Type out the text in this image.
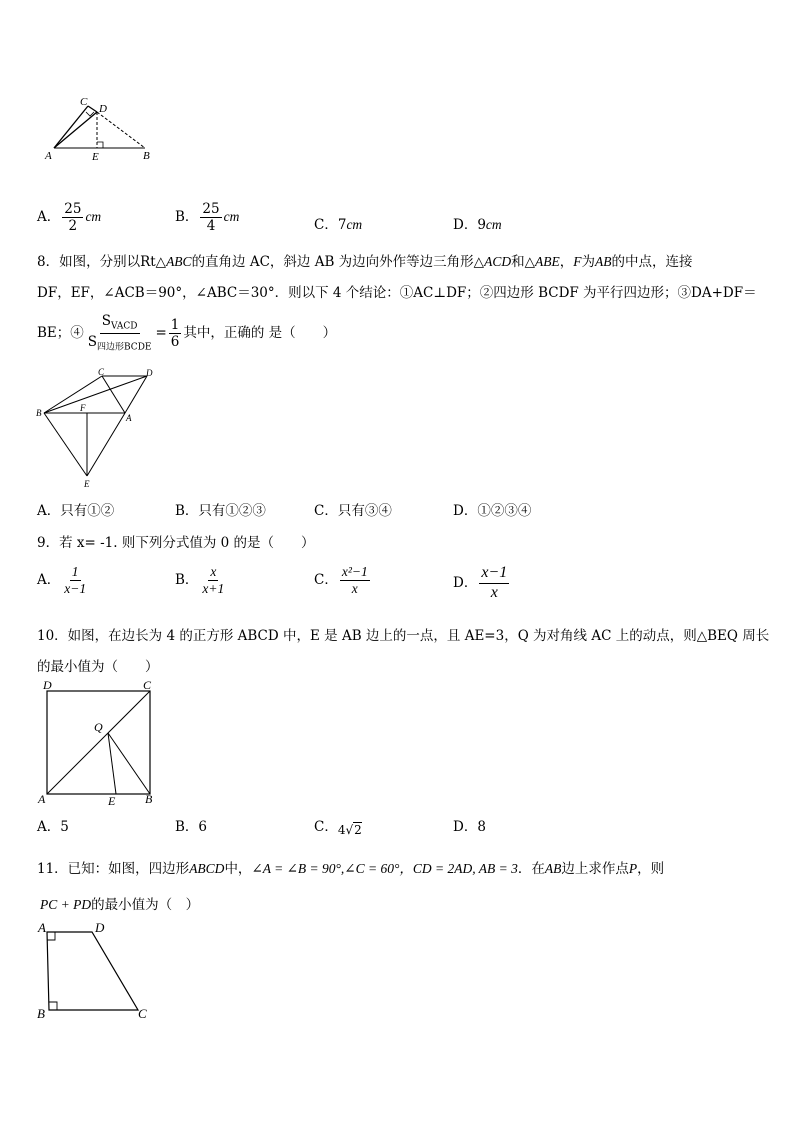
A	B
C
D
E
A． $\frac{25}{2}$ cm	B． $\frac{25}{4}$ cm
C．7cm	D．9cm
8．如图，分别以Rt△ABC的直角边 AC，斜边 AB 为边向外作等边三角形△ACD和△ABE，F为AB的中点，连接
DF，EF，∠ACB＝90°，∠ABC＝30°．则以下 4 个结论：①AC⊥DF；②四边形 BCDF 为平行四边形；③DA+DF＝
BE；④ $\frac{S_{VACD}}{S_{四边形BCDE}} = \frac{1}{6}$ 其中，正确的 是（　　）
C	D
B	F
A
E
A．只有①②	B．只有①②③	C．只有③④	D．①②③④
9．若 x= -1. 则下列分式值为 0 的是（　　）
A． $\frac{1}{x-1}$	B． $\frac{x}{x+1}$	C． $\frac{\text{x²−1}}{x}$	D． $\frac{x-1}{x}$
10．如图，在边长为 4 的正方形 ABCD 中，E 是 AB 边上的一点，且 AE=3，Q 为对角线 AC 上的动点，则△BEQ 周长
的最小值为（　　）
D	C
Q
A	E B
A．5	B．6	C．4√2	D．8
11．已知：如图，四边形ABCD中，∠A = ∠B = 90°,∠C = 60°，CD = 2AD, AB = 3．在AB边上求作点P，则
PC + PD的最小值为（　）
A	D
B	C
